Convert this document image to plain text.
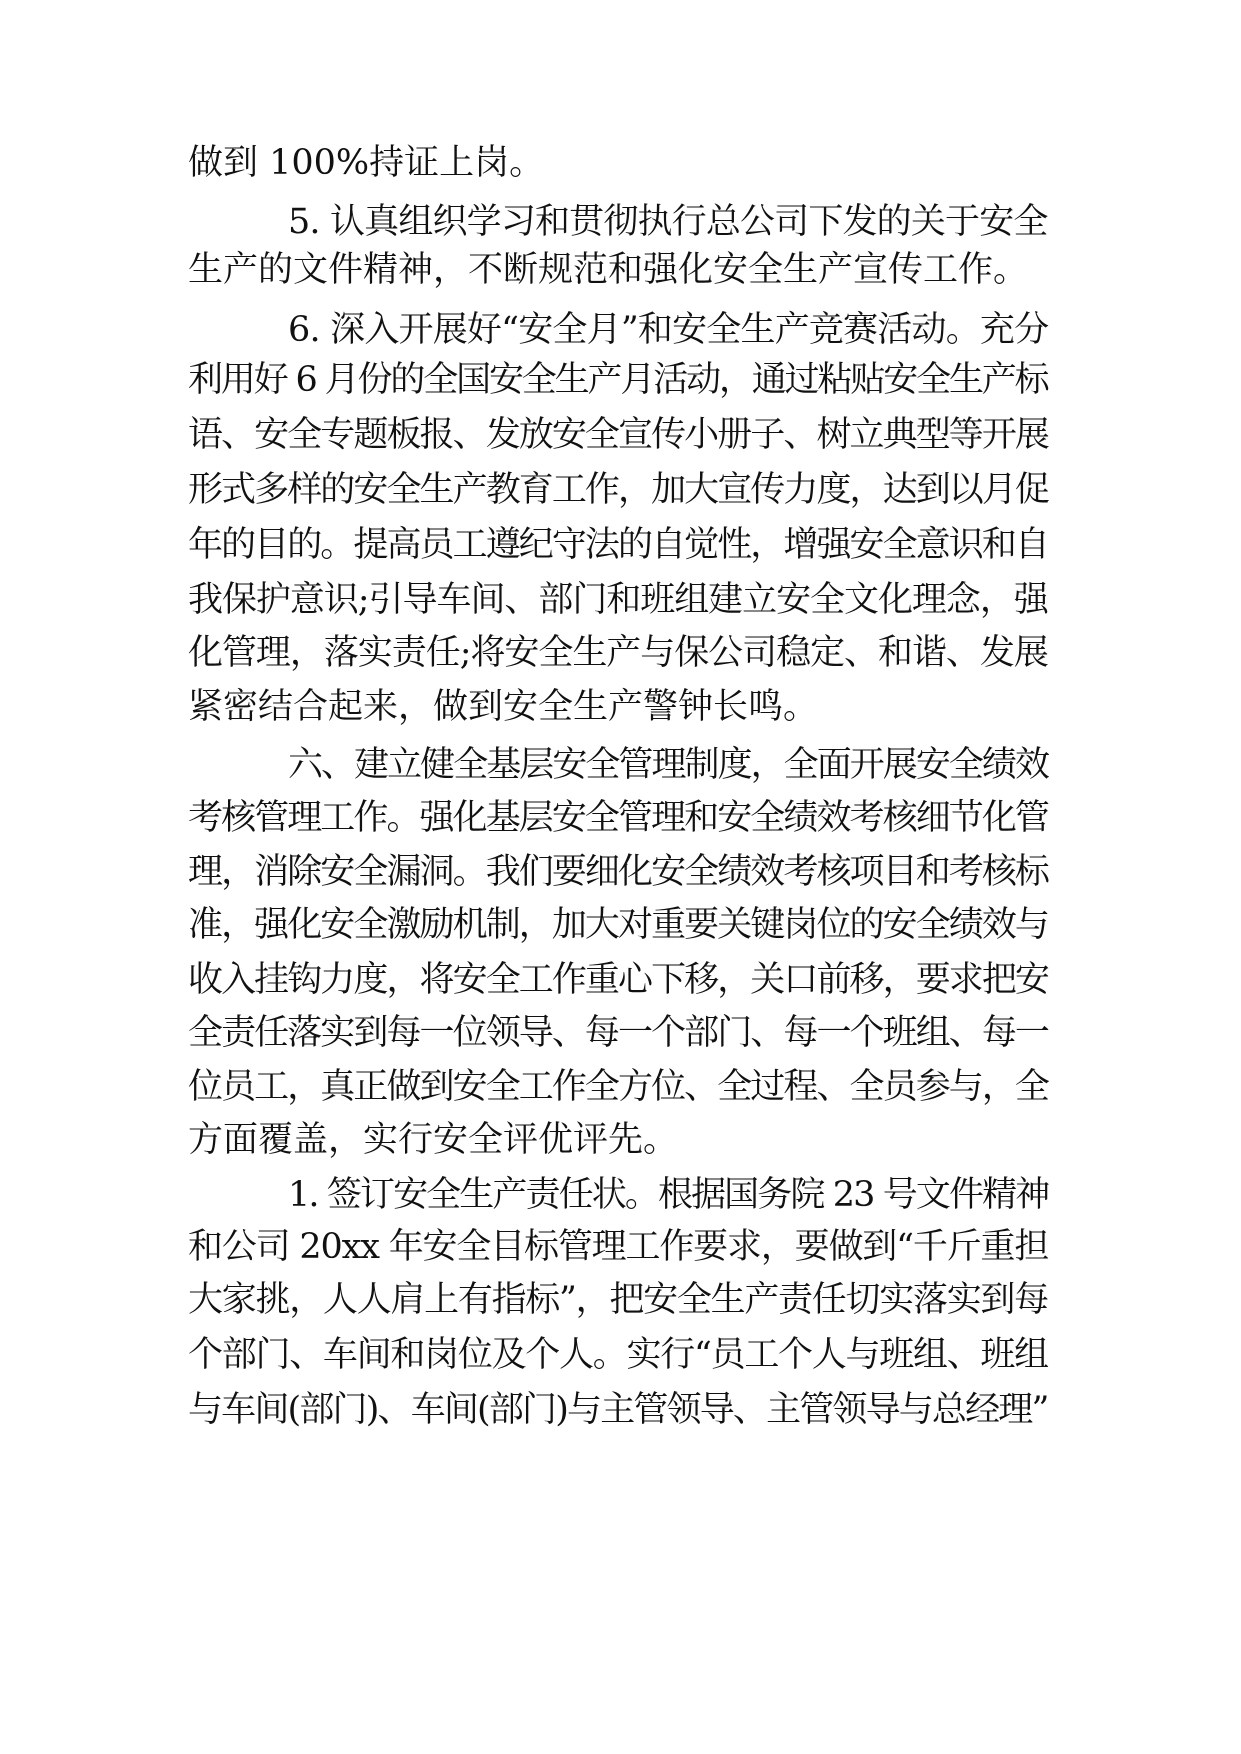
做到 100%持证上岗。
5. 认真组织学习和贯彻执行总公司下发的关于安全
生产的文件精神，不断规范和强化安全生产宣传工作。
6. 深入开展好“安全月”和安全生产竞赛活动。充分
利用好 6 月份的全国安全生产月活动，通过粘贴安全生产标
语、安全专题板报、发放安全宣传小册子、树立典型等开展
形式多样的安全生产教育工作，加大宣传力度，达到以月促
年的目的。提高员工遵纪守法的自觉性，增强安全意识和自
我保护意识;引导车间、部门和班组建立安全文化理念，强
化管理，落实责任;将安全生产与保公司稳定、和谐、发展
紧密结合起来，做到安全生产警钟长鸣。
六、建立健全基层安全管理制度，全面开展安全绩效
考核管理工作。强化基层安全管理和安全绩效考核细节化管
理，消除安全漏洞。我们要细化安全绩效考核项目和考核标
准，强化安全激励机制，加大对重要关键岗位的安全绩效与
收入挂钩力度，将安全工作重心下移，关口前移，要求把安
全责任落实到每一位领导、每一个部门、每一个班组、每一
位员工，真正做到安全工作全方位、全过程、全员参与，全
方面覆盖，实行安全评优评先。
1. 签订安全生产责任状。根据国务院 23 号文件精神
和公司 20xx 年安全目标管理工作要求，要做到“千斤重担
大家挑，人人肩上有指标”，把安全生产责任切实落实到每
个部门、车间和岗位及个人。实行“员工个人与班组、班组
与车间(部门)、车间(部门)与主管领导、主管领导与总经理”
